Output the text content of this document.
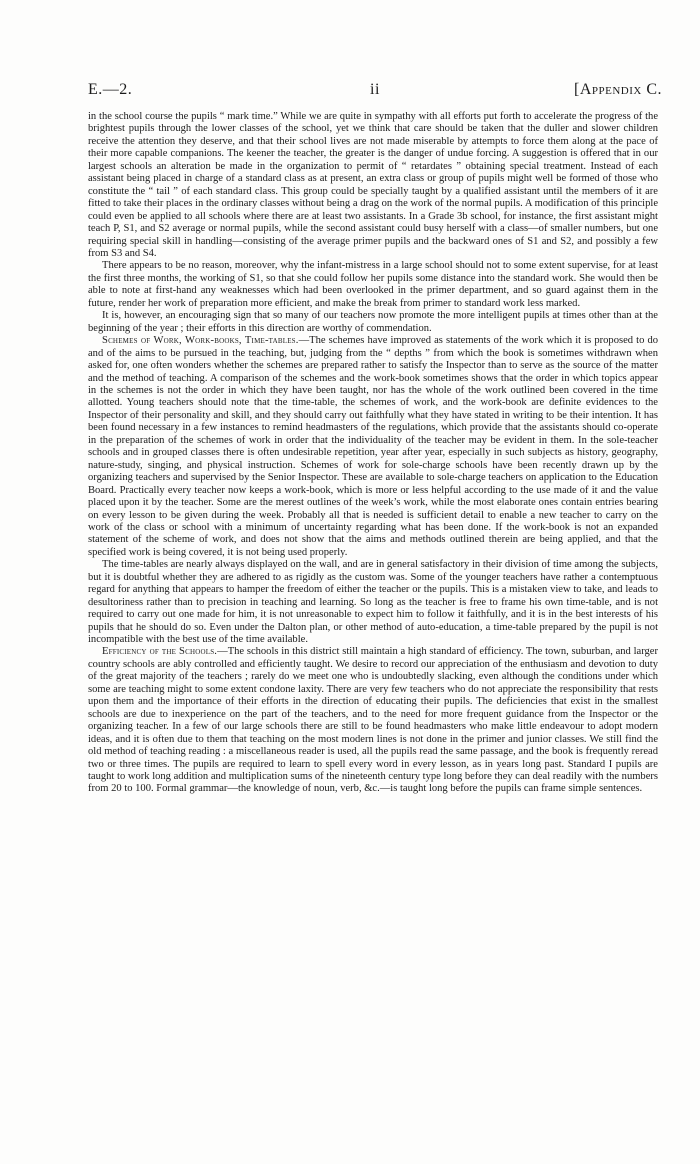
E.—2.	ii	[Appendix C.

in the school course the pupils “ mark time.” While we are quite in sympathy with all efforts put forth to accelerate the progress of the brightest pupils through the lower classes of the school, yet we think that care should be taken that the duller and slower children receive the attention they deserve, and that their school lives are not made miserable by attempts to force them along at the pace of their more capable companions. The keener the teacher, the greater is the danger of undue forcing. A suggestion is offered that in our largest schools an alteration be made in the organization to permit of “ retardates ” obtaining special treatment. Instead of each assistant being placed in charge of a standard class as at present, an extra class or group of pupils might well be formed of those who constitute the “ tail ” of each standard class. This group could be specially taught by a qualified assistant until the members of it are fitted to take their places in the ordinary classes without being a drag on the work of the normal pupils. A modification of this principle could even be applied to all schools where there are at least two assistants. In a Grade 3b school, for instance, the first assistant might teach P, S1, and S2 average or normal pupils, while the second assistant could busy herself with a class—of smaller numbers, but one requiring special skill in handling—consisting of the average primer pupils and the backward ones of S1 and S2, and possibly a few from S3 and S4.

There appears to be no reason, moreover, why the infant-mistress in a large school should not to some extent supervise, for at least the first three months, the working of S1, so that she could follow her pupils some distance into the standard work. She would then be able to note at first-hand any weaknesses which had been overlooked in the primer department, and so guard against them in the future, render her work of preparation more efficient, and make the break from primer to standard work less marked.

It is, however, an encouraging sign that so many of our teachers now promote the more intelligent pupils at times other than at the beginning of the year ; their efforts in this direction are worthy of commendation.

Schemes of Work, Work-books, Time-tables.—The schemes have improved as statements of the work which it is proposed to do and of the aims to be pursued in the teaching, but, judging from the “ depths ” from which the book is sometimes withdrawn when asked for, one often wonders whether the schemes are prepared rather to satisfy the Inspector than to serve as the source of the matter and the method of teaching. A comparison of the schemes and the work-book sometimes shows that the order in which topics appear in the schemes is not the order in which they have been taught, nor has the whole of the work outlined been covered in the time allotted. Young teachers should note that the time-table, the schemes of work, and the work-book are definite evidences to the Inspector of their personality and skill, and they should carry out faithfully what they have stated in writing to be their intention. It has been found necessary in a few instances to remind headmasters of the regulations, which provide that the assistants should co-operate in the preparation of the schemes of work in order that the individuality of the teacher may be evident in them. In the sole-teacher schools and in grouped classes there is often undesirable repetition, year after year, especially in such subjects as history, geography, nature-study, singing, and physical instruction. Schemes of work for sole-charge schools have been recently drawn up by the organizing teachers and supervised by the Senior Inspector. These are available to sole-charge teachers on application to the Education Board. Practically every teacher now keeps a work-book, which is more or less helpful according to the use made of it and the value placed upon it by the teacher. Some are the merest outlines of the week’s work, while the most elaborate ones contain entries bearing on every lesson to be given during the week. Probably all that is needed is sufficient detail to enable a new teacher to carry on the work of the class or school with a minimum of uncertainty regarding what has been done. If the work-book is not an expanded statement of the scheme of work, and does not show that the aims and methods outlined therein are being applied, and that the specified work is being covered, it is not being used properly.

The time-tables are nearly always displayed on the wall, and are in general satisfactory in their division of time among the subjects, but it is doubtful whether they are adhered to as rigidly as the custom was. Some of the younger teachers have rather a contemptuous regard for anything that appears to hamper the freedom of either the teacher or the pupils. This is a mistaken view to take, and leads to desultoriness rather than to precision in teaching and learning. So long as the teacher is free to frame his own time-table, and is not required to carry out one made for him, it is not unreasonable to expect him to follow it faithfully, and it is in the best interests of his pupils that he should do so. Even under the Dalton plan, or other method of auto-education, a time-table prepared by the pupil is not incompatible with the best use of the time available.

Efficiency of the Schools.—The schools in this district still maintain a high standard of efficiency. The town, suburban, and larger country schools are ably controlled and efficiently taught. We desire to record our appreciation of the enthusiasm and devotion to duty of the great majority of the teachers ; rarely do we meet one who is undoubtedly slacking, even although the conditions under which some are teaching might to some extent condone laxity. There are very few teachers who do not appreciate the responsibility that rests upon them and the importance of their efforts in the direction of educating their pupils. The deficiencies that exist in the smallest schools are due to inexperience on the part of the teachers, and to the need for more frequent guidance from the Inspector or the organizing teacher. In a few of our large schools there are still to be found headmasters who make little endeavour to adopt modern ideas, and it is often due to them that teaching on the most modern lines is not done in the primer and junior classes. We still find the old method of teaching reading : a miscellaneous reader is used, all the pupils read the same passage, and the book is frequently reread two or three times. The pupils are required to learn to spell every word in every lesson, as in years long past. Standard I pupils are taught to work long addition and multiplication sums of the nineteenth century type long before they can deal readily with the numbers from 20 to 100. Formal grammar—the knowledge of noun, verb, &c.—is taught long before the pupils can frame simple sentences.
